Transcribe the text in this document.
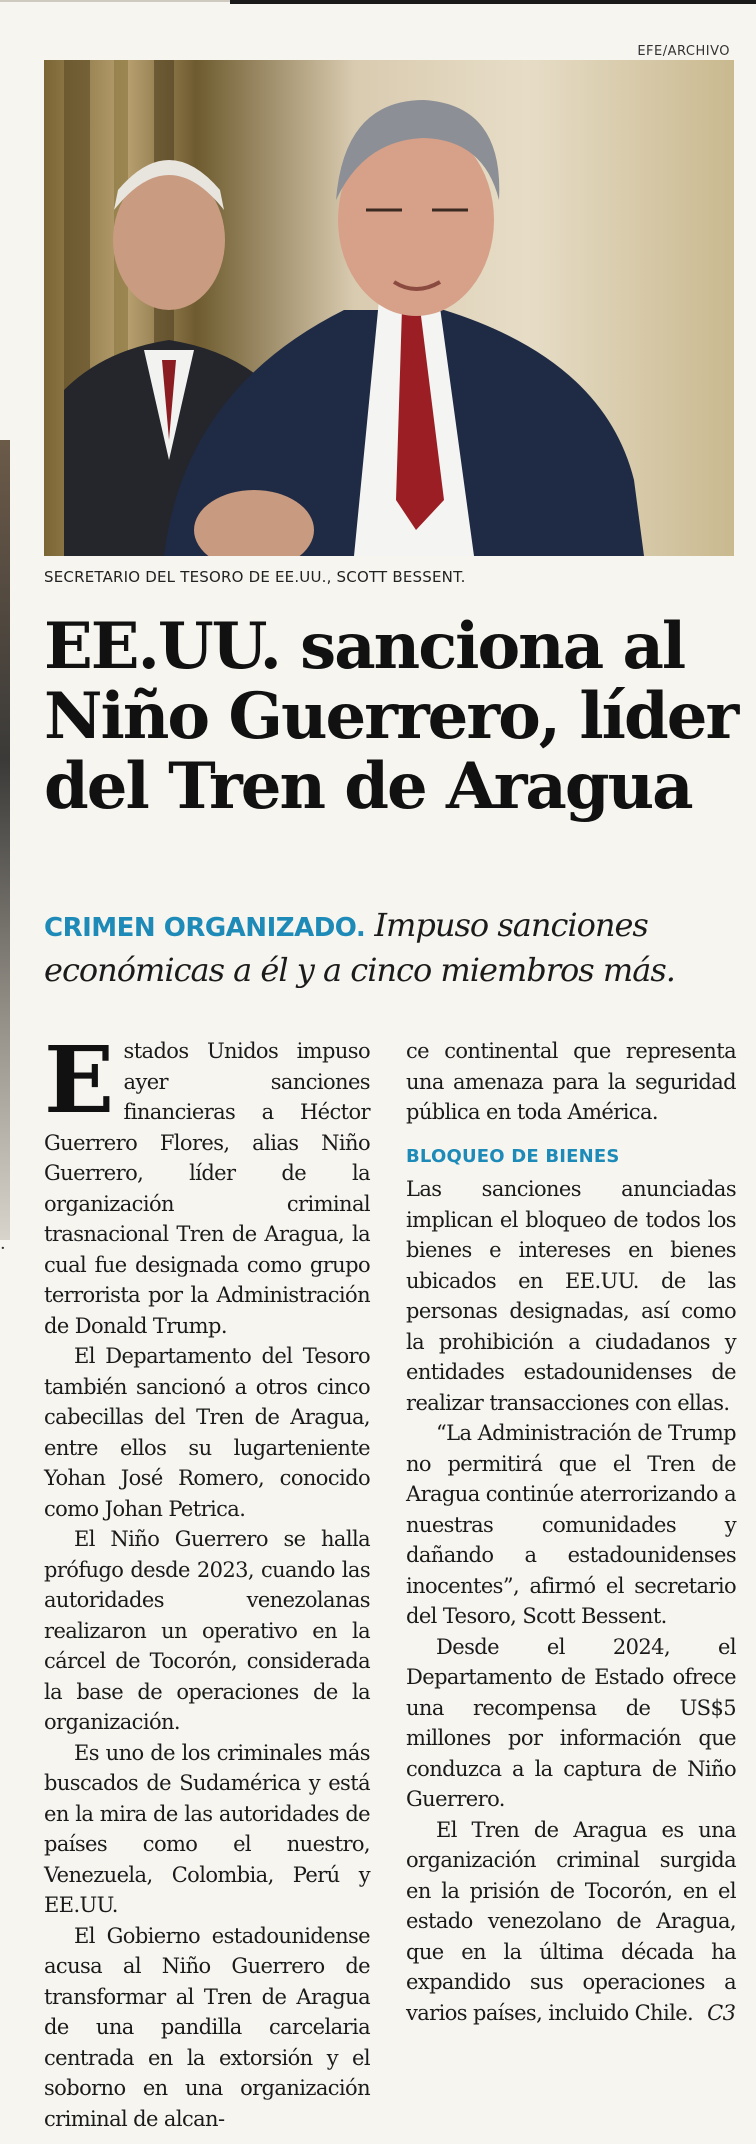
·
EFE/ARCHIVO
SECRETARIO DEL TESORO DE EE.UU., SCOTT BESSENT.
EE.UU. sanciona al
Niño Guerrero, líder
del Tren de Aragua
CRIMEN ORGANIZADO. Impuso sanciones económicas a él y a cinco miembros más.

Estados Unidos impuso ayer sanciones financieras a Héctor Guerrero Flores, alias Niño Guerrero, líder de la organización criminal trasnacional Tren de Aragua, la cual fue designada como grupo terrorista por la Administración de Donald Trump.

El Departamento del Tesoro también sancionó a otros cinco cabecillas del Tren de Aragua, entre ellos su lugarteniente Yohan José Romero, conocido como Johan Petrica.

El Niño Guerrero se halla prófugo desde 2023, cuando las autoridades venezolanas realizaron un operativo en la cárcel de Tocorón, considerada la base de operaciones de la organización.

Es uno de los criminales más buscados de Sudamérica y está en la mira de las autoridades de países como el nuestro, Venezuela, Colombia, Perú y EE.UU.

El Gobierno estadounidense acusa al Niño Guerrero de transformar al Tren de Aragua de una pandilla carcelaria centrada en la extorsión y el soborno en una organización criminal de alcan-

ce continental que representa una amenaza para la seguridad pública en toda América.

BLOQUEO DE BIENES

Las sanciones anunciadas implican el bloqueo de todos los bienes e intereses en bienes ubicados en EE.UU. de las personas designadas, así como la prohibición a ciudadanos y entidades estadounidenses de realizar transacciones con ellas.

“La Administración de Trump no permitirá que el Tren de Aragua continúe aterrorizando a nuestras comunidades y dañando a estadounidenses inocentes”, afirmó el secretario del Tesoro, Scott Bessent.

Desde el 2024, el Departamento de Estado ofrece una recompensa de US$5 millones por información que conduzca a la captura de Niño Guerrero.

El Tren de Aragua es una organización criminal surgida en la prisión de Tocorón, en el estado venezolano de Aragua, que en la última década ha expandido sus operaciones a varios países, incluido Chile. C3
